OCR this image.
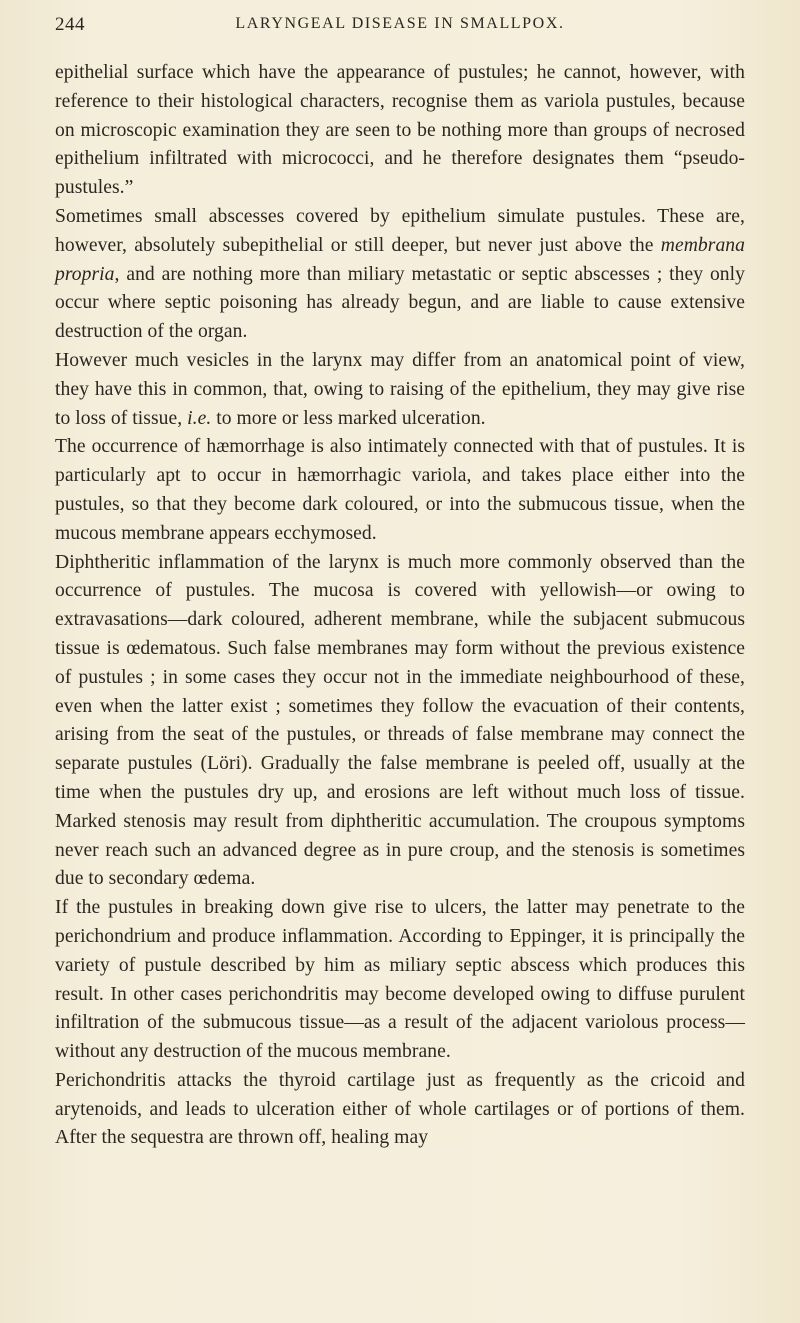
244	LARYNGEAL DISEASE IN SMALLPOX.

epithelial surface which have the appearance of pustules; he cannot, however, with reference to their histological characters, recognise them as variola pustules, because on microscopic examination they are seen to be nothing more than groups of necrosed epithelium infiltrated with micrococci, and he therefore designates them “pseudo-pustules.”

Sometimes small abscesses covered by epithelium simulate pustules. These are, however, absolutely subepithelial or still deeper, but never just above the membrana propria, and are nothing more than miliary metastatic or septic abscesses ; they only occur where septic poisoning has already begun, and are liable to cause extensive destruction of the organ.

However much vesicles in the larynx may differ from an anatomical point of view, they have this in common, that, owing to raising of the epithelium, they may give rise to loss of tissue, i.e. to more or less marked ulceration.

The occurrence of hæmorrhage is also intimately connected with that of pustules. It is particularly apt to occur in hæmorrhagic variola, and takes place either into the pustules, so that they become dark coloured, or into the submucous tissue, when the mucous membrane appears ecchymosed.

Diphtheritic inflammation of the larynx is much more commonly observed than the occurrence of pustules. The mucosa is covered with yellowish—or owing to extravasations—dark coloured, adherent membrane, while the subjacent submucous tissue is œdematous. Such false membranes may form without the previous existence of pustules ; in some cases they occur not in the immediate neighbourhood of these, even when the latter exist ; sometimes they follow the evacuation of their contents, arising from the seat of the pustules, or threads of false membrane may connect the separate pustules (Löri). Gradually the false membrane is peeled off, usually at the time when the pustules dry up, and erosions are left without much loss of tissue. Marked stenosis may result from diphtheritic accumulation. The croupous symptoms never reach such an advanced degree as in pure croup, and the stenosis is sometimes due to secondary œdema.

If the pustules in breaking down give rise to ulcers, the latter may penetrate to the perichondrium and produce inflammation. According to Eppinger, it is principally the variety of pustule described by him as miliary septic abscess which produces this result. In other cases perichondritis may become developed owing to diffuse purulent infiltration of the submucous tissue—as a result of the adjacent variolous process—without any destruction of the mucous membrane.

Perichondritis attacks the thyroid cartilage just as frequently as the cricoid and arytenoids, and leads to ulceration either of whole cartilages or of portions of them. After the sequestra are thrown off, healing may
